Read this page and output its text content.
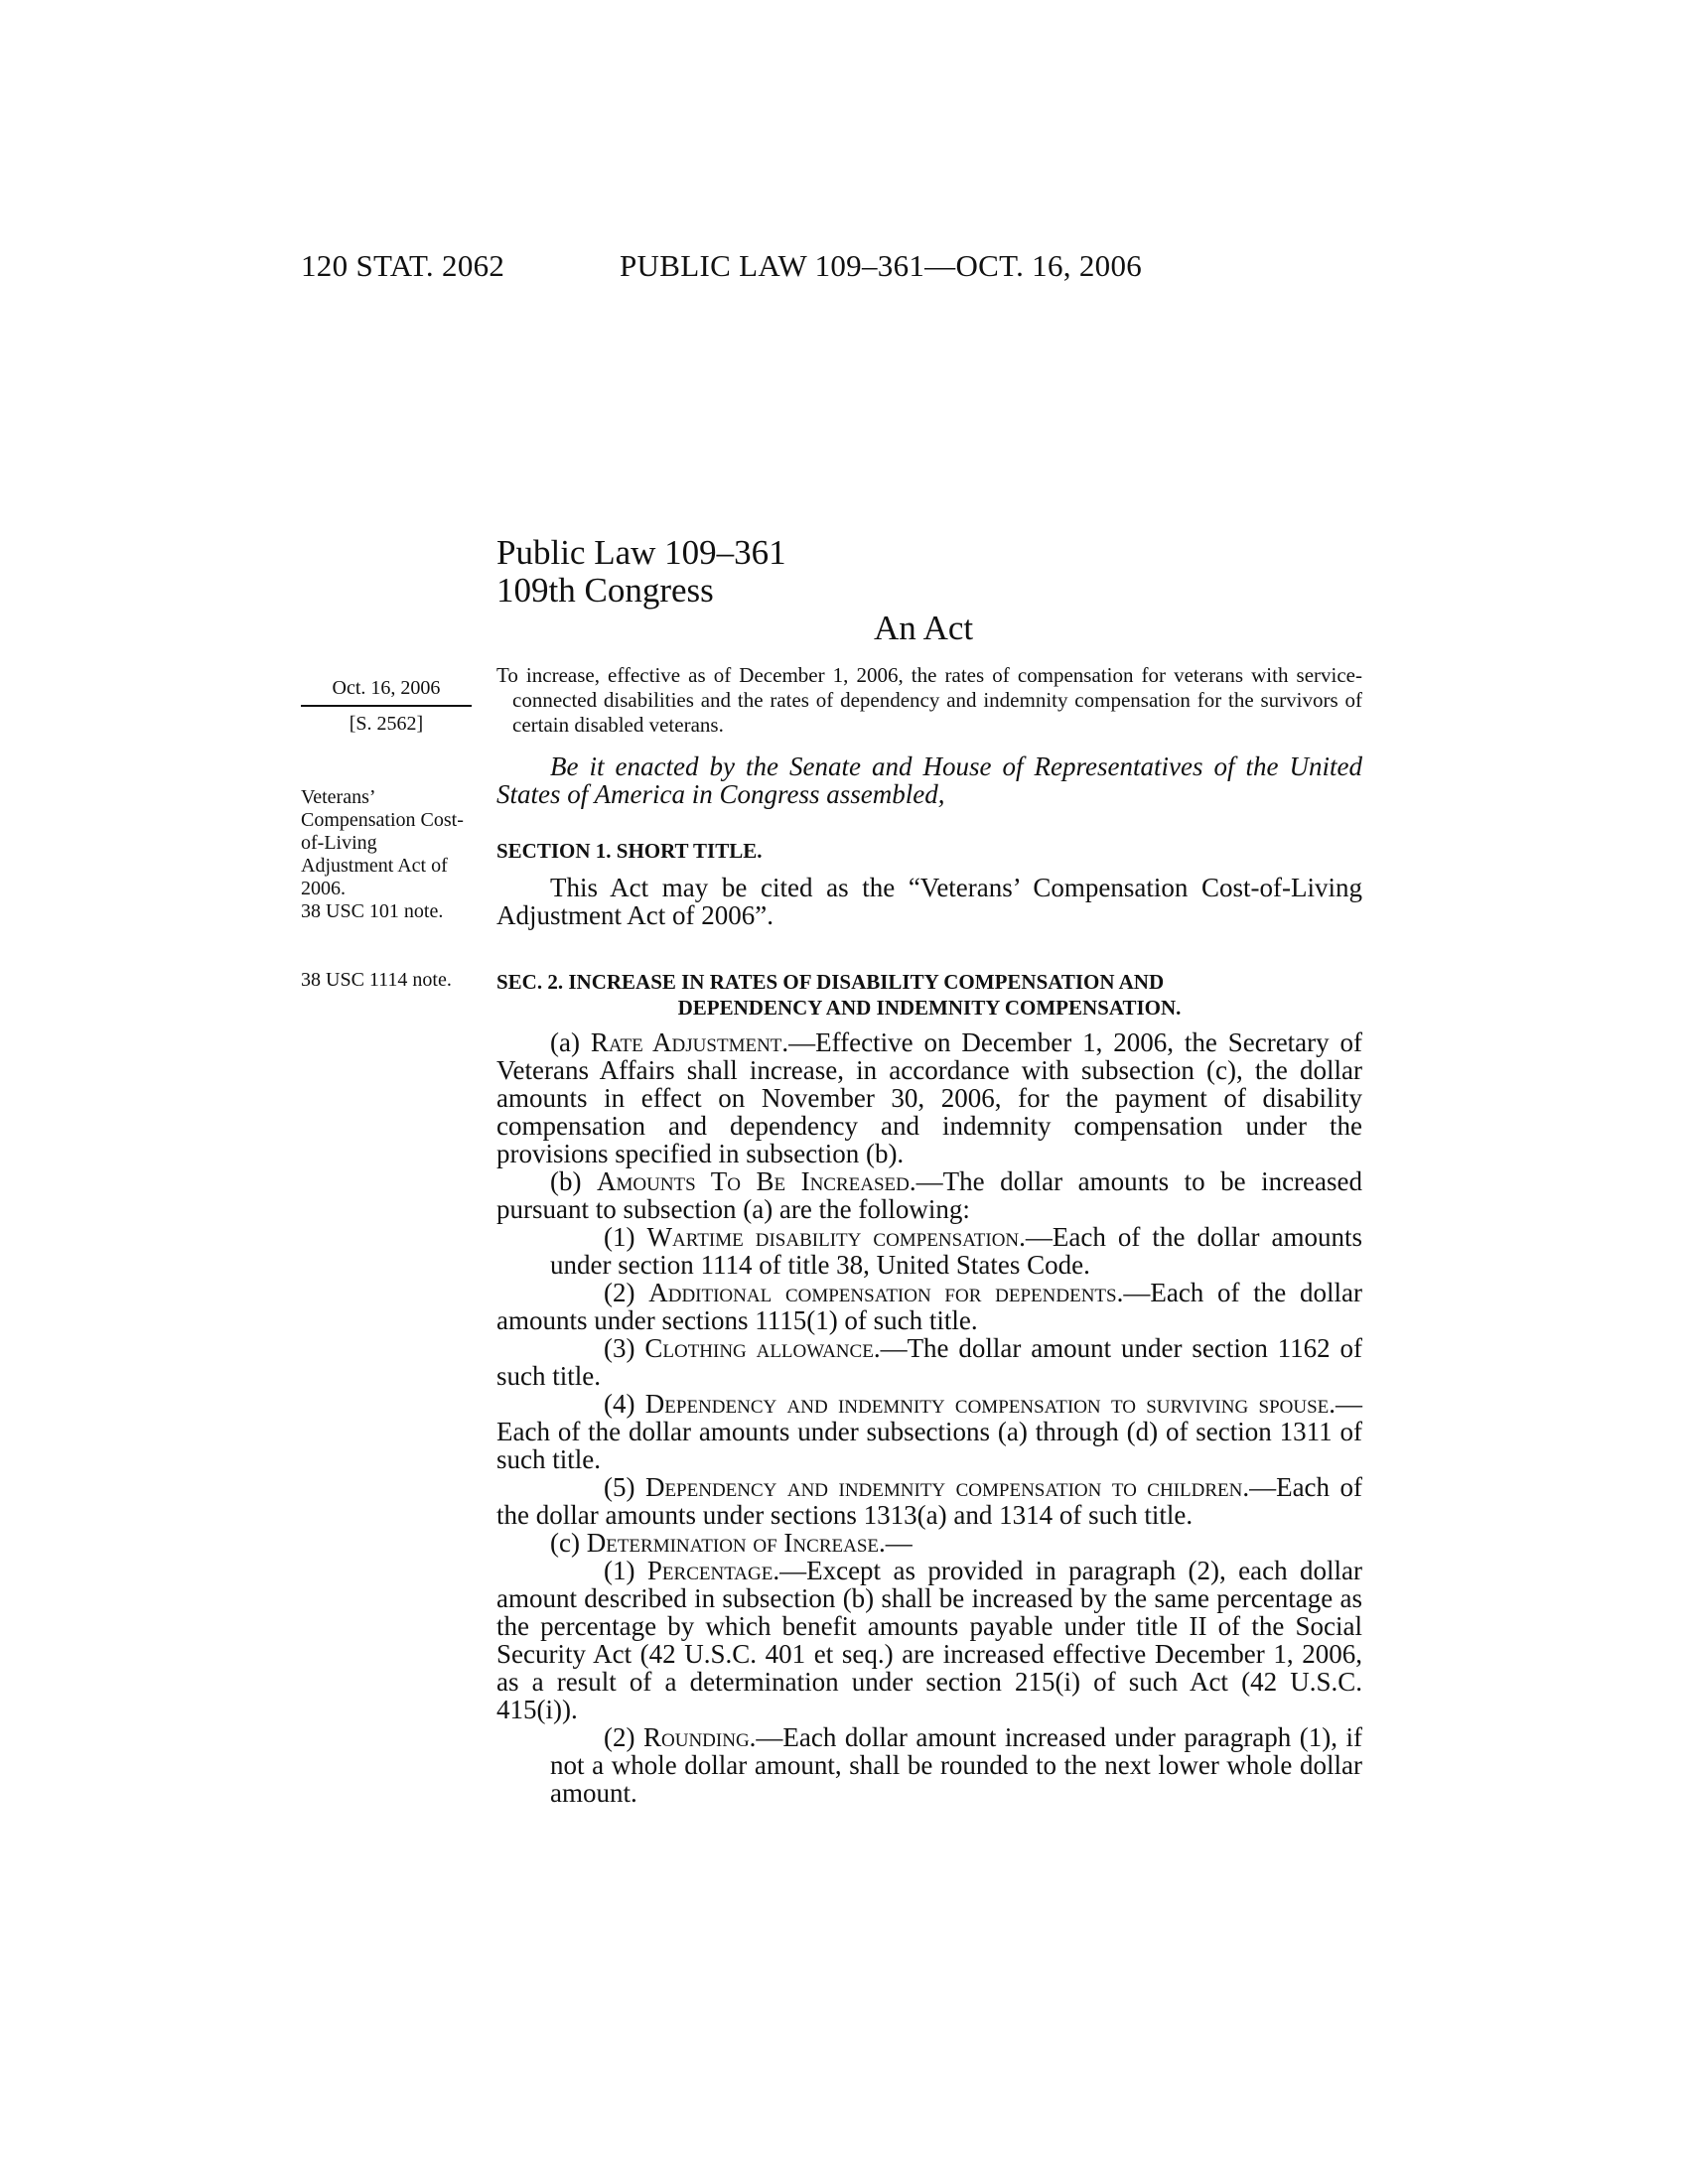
120 STAT. 2062	PUBLIC LAW 109–361—OCT. 16, 2006
Public Law 109–361
109th Congress
An Act
Oct. 16, 2006
[S. 2562]
To increase, effective as of December 1, 2006, the rates of compensation for veterans with service-connected disabilities and the rates of dependency and indemnity compensation for the survivors of certain disabled veterans.
Veterans’ Compensation Cost-of-Living Adjustment Act of 2006.
38 USC 101 note.
38 USC 1114 note.
Be it enacted by the Senate and House of Representatives of the United States of America in Congress assembled,
SECTION 1. SHORT TITLE.

This Act may be cited as the “Veterans’ Compensation Cost-of-Living Adjustment Act of 2006”.

SEC. 2. INCREASE IN RATES OF DISABILITY COMPENSATION AND
DEPENDENCY AND INDEMNITY COMPENSATION.

(a) Rate Adjustment.—Effective on December 1, 2006, the Secretary of Veterans Affairs shall increase, in accordance with subsection (c), the dollar amounts in effect on November 30, 2006, for the payment of disability compensation and dependency and indemnity compensation under the provisions specified in subsection (b).

(b) Amounts To Be Increased.—The dollar amounts to be increased pursuant to subsection (a) are the following:

(1) Wartime disability compensation.—Each of the dollar amounts under section 1114 of title 38, United States Code.

(2) Additional compensation for dependents.—Each of the dollar amounts under sections 1115(1) of such title.

(3) Clothing allowance.—The dollar amount under section 1162 of such title.

(4) Dependency and indemnity compensation to surviving spouse.—Each of the dollar amounts under subsections (a) through (d) of section 1311 of such title.

(5) Dependency and indemnity compensation to children.—Each of the dollar amounts under sections 1313(a) and 1314 of such title.

(c) Determination of Increase.—

(1) Percentage.—Except as provided in paragraph (2), each dollar amount described in subsection (b) shall be increased by the same percentage as the percentage by which benefit amounts payable under title II of the Social Security Act (42 U.S.C. 401 et seq.) are increased effective December 1, 2006, as a result of a determination under section 215(i) of such Act (42 U.S.C. 415(i)).

(2) Rounding.—Each dollar amount increased under paragraph (1), if not a whole dollar amount, shall be rounded to the next lower whole dollar amount.
